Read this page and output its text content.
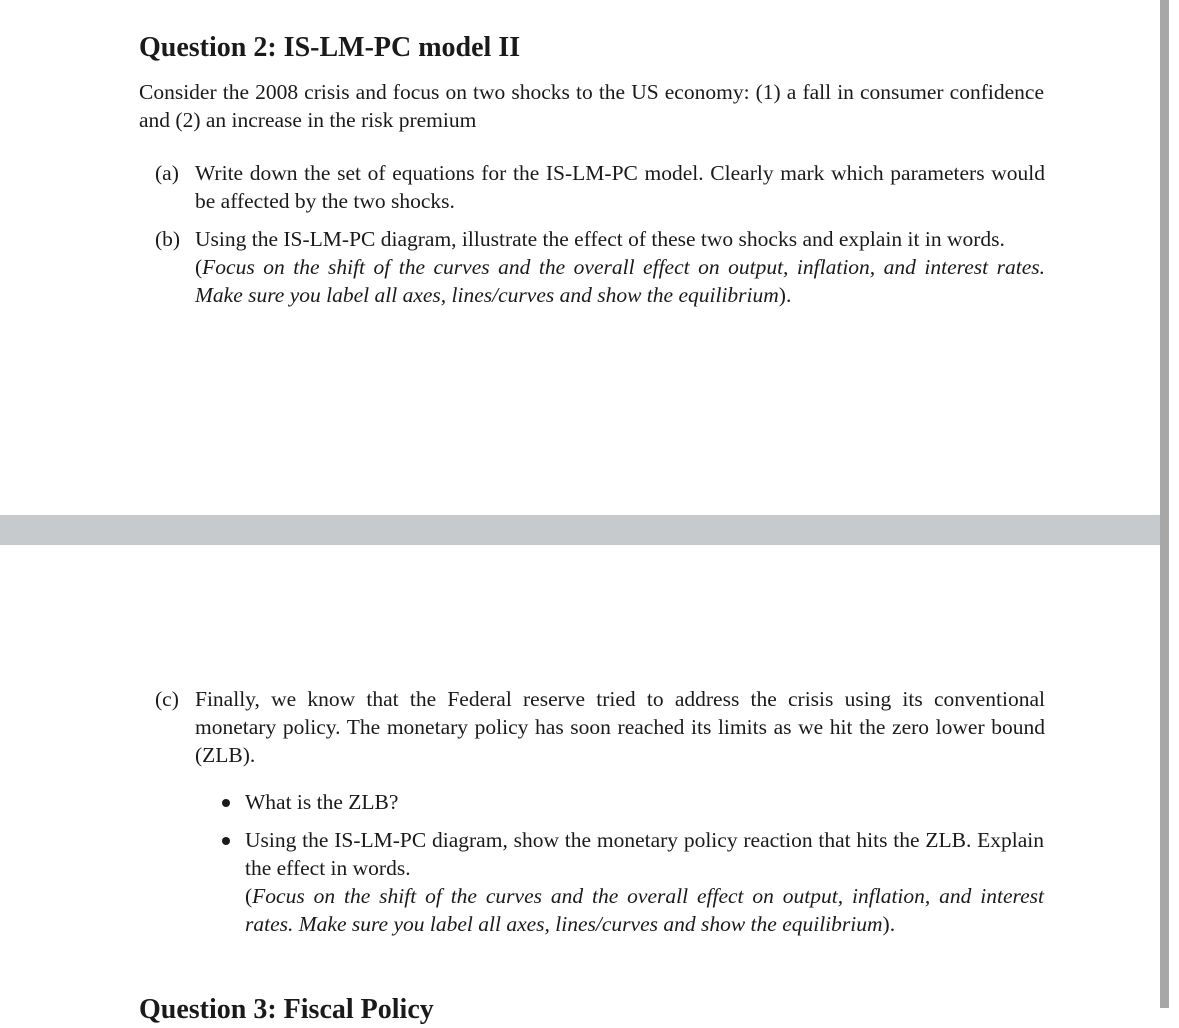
Question 2: IS-LM-PC model II

Consider the 2008 crisis and focus on two shocks to the US economy: (1) a fall in consumer confidence and (2) an increase in the risk premium

(a) Write down the set of equations for the IS-LM-PC model. Clearly mark which parameters would be affected by the two shocks.
(b) Using the IS-LM-PC diagram, illustrate the effect of these two shocks and explain it in words.
(Focus on the shift of the curves and the overall effect on output, inflation, and interest rates. Make sure you label all axes, lines/curves and show the equilibrium).
(c) Finally, we know that the Federal reserve tried to address the crisis using its conventional monetary policy. The monetary policy has soon reached its limits as we hit the zero lower bound (ZLB).
What is the ZLB?
Using the IS-LM-PC diagram, show the monetary policy reaction that hits the ZLB. Explain the effect in words.
(Focus on the shift of the curves and the overall effect on output, inflation, and interest rates. Make sure you label all axes, lines/curves and show the equilibrium).
Question 3: Fiscal Policy
